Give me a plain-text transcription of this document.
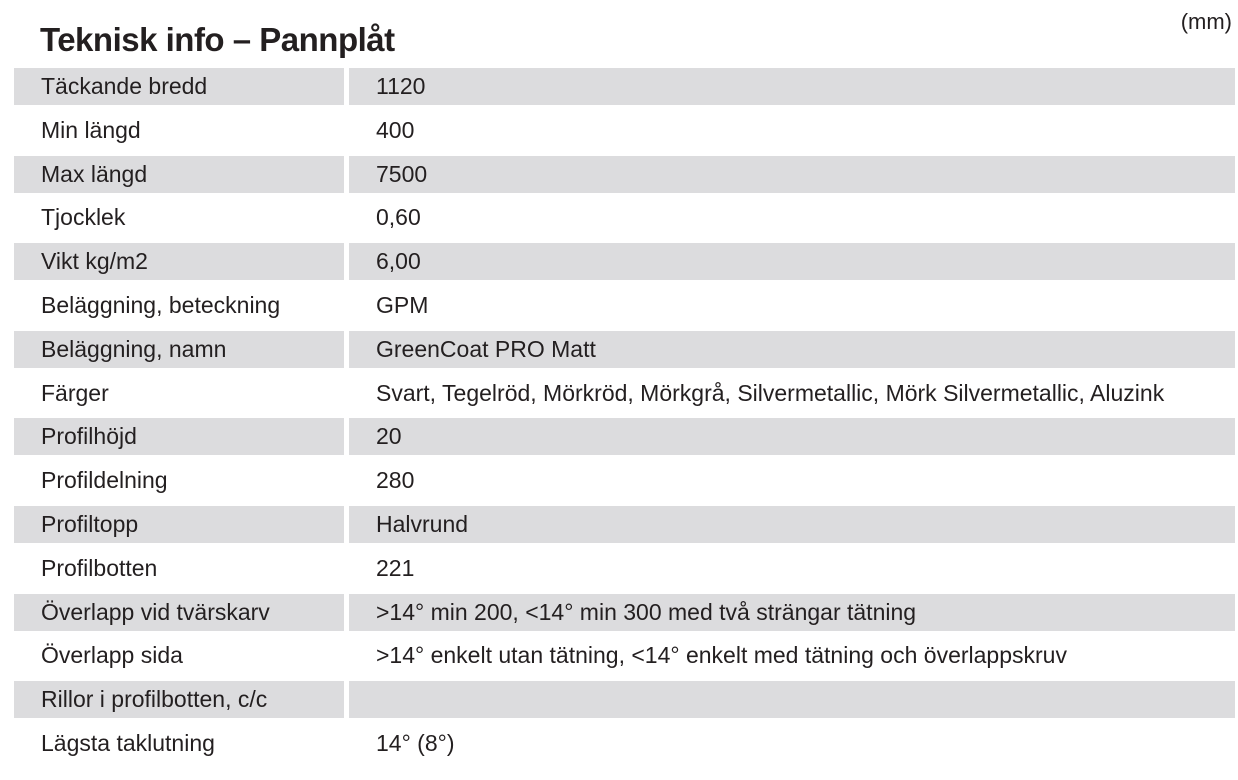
Teknisk info – Pannplåt	(mm)
Täckande bredd	1120
Min längd	400
Max längd	7500
Tjocklek	0,60
Vikt kg/m2	6,00
Beläggning, beteckning	GPM
Beläggning, namn	GreenCoat PRO Matt
Färger	Svart, Tegelröd, Mörkröd, Mörkgrå, Silvermetallic, Mörk Silvermetallic, Aluzink
Profilhöjd	20
Profildelning	280
Profiltopp	Halvrund
Profilbotten	221
Överlapp vid tvärskarv	>14° min 200, <14° min 300 med två strängar tätning
Överlapp sida	>14° enkelt utan tätning, <14° enkelt med tätning och överlappskruv
Rillor i profilbotten, c/c
Lägsta taklutning	14° (8°)
